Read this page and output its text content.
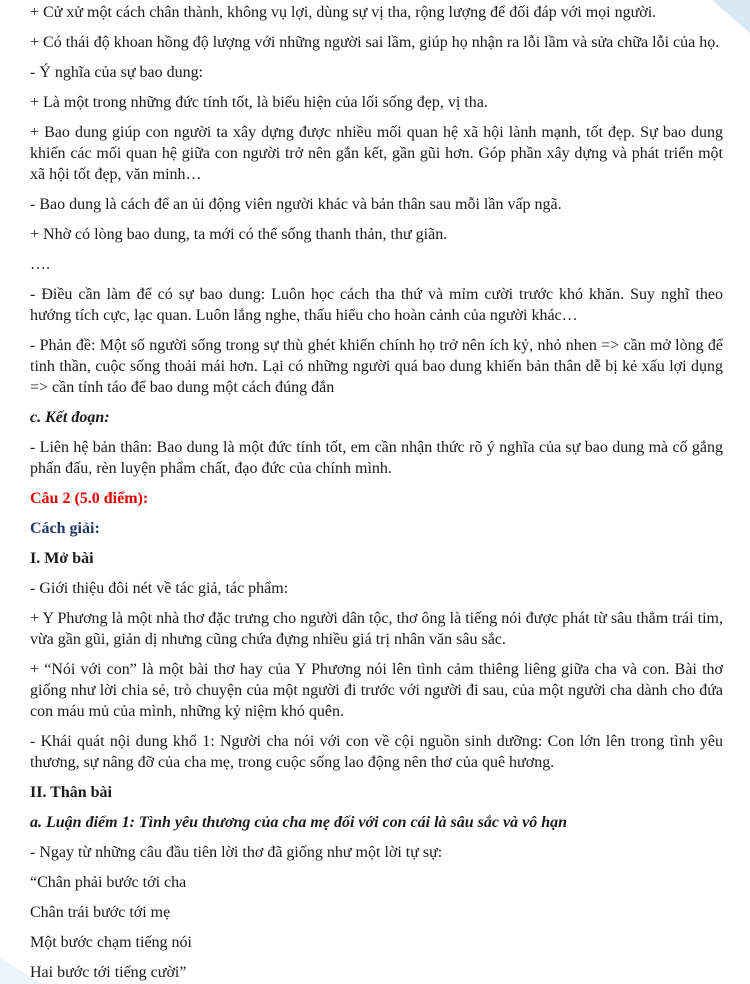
+ Cử xử một cách chân thành, không vụ lợi, dùng sự vị tha, rộng lượng để đối đáp với mọi người.

+ Có thái độ khoan hồng độ lượng với những người sai lầm, giúp họ nhận ra lỗi lầm và sửa chữa lỗi của họ.

- Ý nghĩa của sự bao dung:

+ Là một trong những đức tính tốt, là biểu hiện của lối sống đẹp, vị tha.

+ Bao dung giúp con người ta xây dựng được nhiều mối quan hệ xã hội lành mạnh, tốt đẹp. Sự bao dung khiến các mối quan hệ giữa con người trở nên gắn kết, gần gũi hơn. Góp phần xây dựng và phát triển một xã hội tốt đẹp, văn minh…

- Bao dung là cách để an ủi động viên người khác và bản thân sau mỗi lần vấp ngã.

+ Nhờ có lòng bao dung, ta mới có thể sống thanh thản, thư giãn.

….

- Điều cần làm để có sự bao dung: Luôn học cách tha thứ và mỉm cười trước khó khăn. Suy nghĩ theo hướng tích cực, lạc quan. Luôn lắng nghe, thấu hiểu cho hoàn cảnh của người khác…

- Phản đề: Một số người sống trong sự thù ghét khiến chính họ trở nên ích kỷ, nhỏ nhen => cần mở lòng để tinh thần, cuộc sống thoải mái hơn. Lại có những người quá bao dung khiến bản thân dễ bị kẻ xấu lợi dụng => cần tỉnh táo để bao dung một cách đúng đắn

c. Kết đoạn:

- Liên hệ bản thân: Bao dung là một đức tính tốt, em cần nhận thức rõ ý nghĩa của sự bao dung mà cố gắng phấn đấu, rèn luyện phẩm chất, đạo đức của chính mình.

Câu 2 (5.0 điểm):

Cách giải:

I. Mở bài

- Giới thiệu đôi nét về tác giả, tác phẩm:

+ Y Phương là một nhà thơ đặc trưng cho người dân tộc, thơ ông là tiếng nói được phát từ sâu thẳm trái tim, vừa gần gũi, giản dị nhưng cũng chứa đựng nhiều giá trị nhân văn sâu sắc.

+ “Nói với con” là một bài thơ hay của Y Phương nói lên tình cảm thiêng liêng giữa cha và con. Bài thơ giống như lời chia sẻ, trò chuyện của một người đi trước với người đi sau, của một người cha dành cho đứa con máu mủ của mình, những kỷ niệm khó quên.

- Khái quát nội dung khổ 1: Người cha nói với con về cội nguồn sinh dưỡng: Con lớn lên trong tình yêu thương, sự nâng đỡ của cha mẹ, trong cuộc sống lao động nên thơ của quê hương.

II. Thân bài

a. Luận điểm 1: Tình yêu thương của cha mẹ đối với con cái là sâu sắc và vô hạn

- Ngay từ những câu đầu tiên lời thơ đã giống như một lời tự sự:

“Chân phải bước tới cha

Chân trái bước tới mẹ

Một bước chạm tiếng nói

Hai bước tới tiếng cười”
